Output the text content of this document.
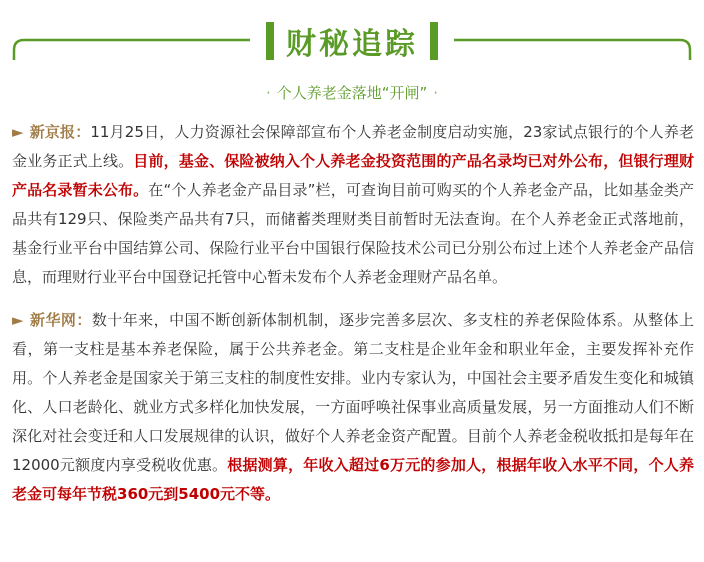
财秘追踪
· 个人养老金落地“开闸” ·

► 新京报：11月25日，人力资源社会保障部宣布个人养老金制度启动实施，23家试点银行的个人养老金业务正式上线。目前，基金、保险被纳入个人养老金投资范围的产品名录均已对外公布，但银行理财产品名录暂未公布。在“个人养老金产品目录”栏，可查询目前可购买的个人养老金产品，比如基金类产品共有129只、保险类产品共有7只，而储蓄类理财类目前暂时无法查询。在个人养老金正式落地前，基金行业平台中国结算公司、保险行业平台中国银行保险技术公司已分别公布过上述个人养老金产品信息，而理财行业平台中国登记托管中心暂未发布个人养老金理财产品名单。

► 新华网：数十年来，中国不断创新体制机制，逐步完善多层次、多支柱的养老保险体系。从整体上看，第一支柱是基本养老保险，属于公共养老金。第二支柱是企业年金和职业年金，主要发挥补充作用。个人养老金是国家关于第三支柱的制度性安排。业内专家认为，中国社会主要矛盾发生变化和城镇化、人口老龄化、就业方式多样化加快发展，一方面呼唤社保事业高质量发展，另一方面推动人们不断深化对社会变迁和人口发展规律的认识，做好个人养老金资产配置。目前个人养老金税收抵扣是每年在12000元额度内享受税收优惠。根据测算，年收入超过6万元的参加人，根据年收入水平不同，个人养老金可每年节税360元到5400元不等。
